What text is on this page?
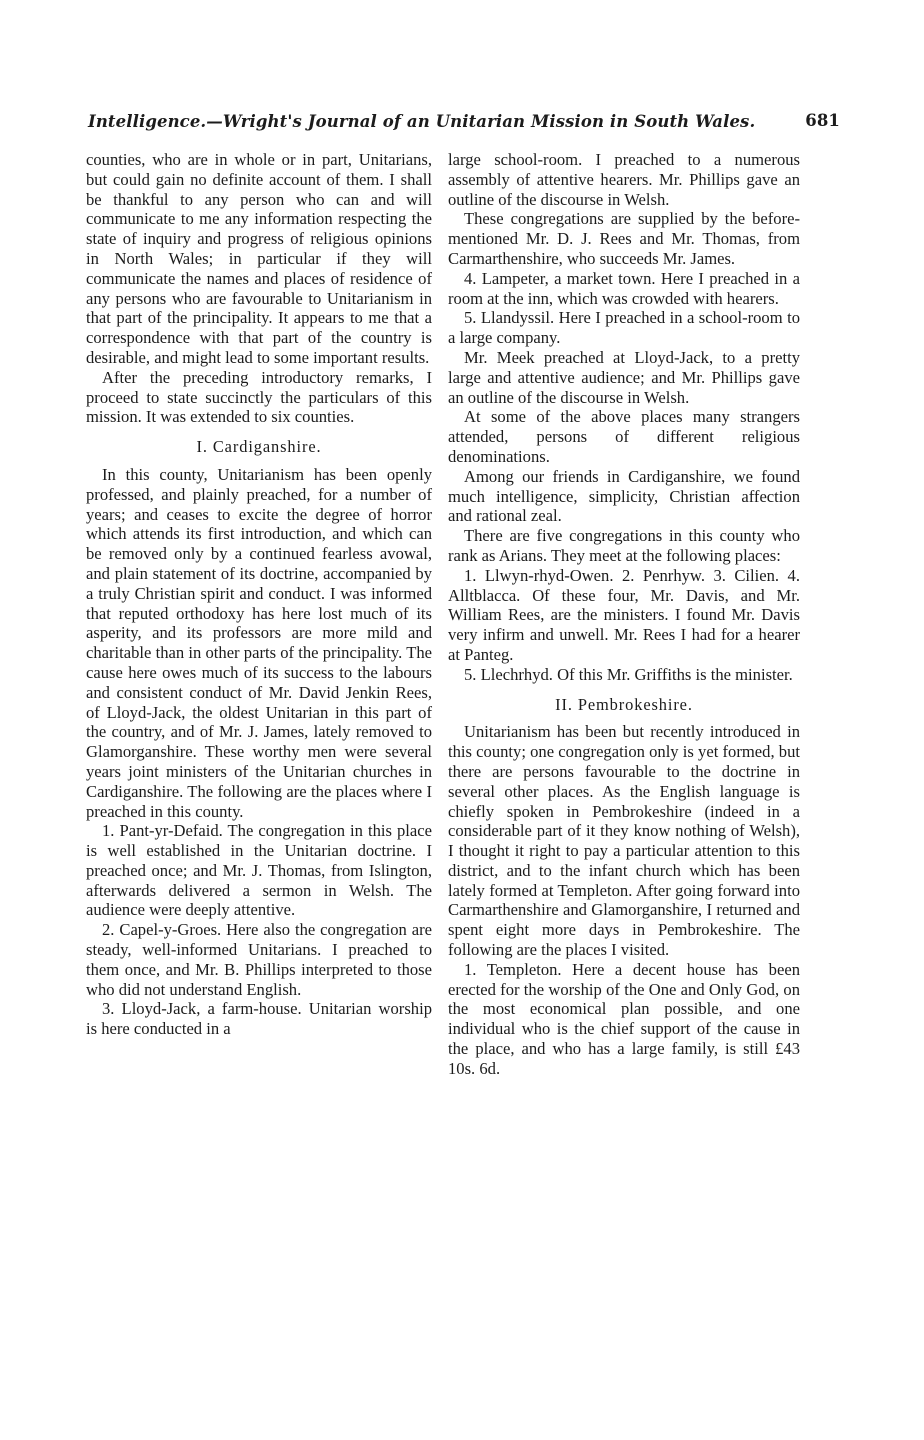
Intelligence.—Wright's Journal of an Unitarian Mission in South Wales.	681

counties, who are in whole or in part, Unitarians, but could gain no definite account of them. I shall be thankful to any person who can and will communicate to me any information respecting the state of inquiry and progress of religious opinions in North Wales; in particular if they will communicate the names and places of residence of any persons who are favourable to Unitarianism in that part of the principality. It appears to me that a correspondence with that part of the country is desirable, and might lead to some important results.

After the preceding introductory remarks, I proceed to state succinctly the particulars of this mission. It was extended to six counties.

I. Cardiganshire.

In this county, Unitarianism has been openly professed, and plainly preached, for a number of years; and ceases to excite the degree of horror which attends its first introduction, and which can be removed only by a continued fearless avowal, and plain statement of its doctrine, accompanied by a truly Christian spirit and conduct. I was informed that reputed orthodoxy has here lost much of its asperity, and its professors are more mild and charitable than in other parts of the principality. The cause here owes much of its success to the labours and consistent conduct of Mr. David Jenkin Rees, of Lloyd-Jack, the oldest Unitarian in this part of the country, and of Mr. J. James, lately removed to Glamorganshire. These worthy men were several years joint ministers of the Unitarian churches in Cardiganshire. The following are the places where I preached in this county.

1. Pant-yr-Defaid. The congregation in this place is well established in the Unitarian doctrine. I preached once; and Mr. J. Thomas, from Islington, afterwards delivered a sermon in Welsh. The audience were deeply attentive.

2. Capel-y-Groes. Here also the congregation are steady, well-informed Unitarians. I preached to them once, and Mr. B. Phillips interpreted to those who did not understand English.

3. Lloyd-Jack, a farm-house. Unitarian worship is here conducted in a

large school-room. I preached to a numerous assembly of attentive hearers. Mr. Phillips gave an outline of the discourse in Welsh.

These congregations are supplied by the before-mentioned Mr. D. J. Rees and Mr. Thomas, from Carmarthenshire, who succeeds Mr. James.

4. Lampeter, a market town. Here I preached in a room at the inn, which was crowded with hearers.

5. Llandyssil. Here I preached in a school-room to a large company.

Mr. Meek preached at Lloyd-Jack, to a pretty large and attentive audience; and Mr. Phillips gave an outline of the discourse in Welsh.

At some of the above places many strangers attended, persons of different religious denominations.

Among our friends in Cardiganshire, we found much intelligence, simplicity, Christian affection and rational zeal.

There are five congregations in this county who rank as Arians. They meet at the following places:

1. Llwyn-rhyd-Owen. 2. Penrhyw. 3. Cilien. 4. Alltblacca. Of these four, Mr. Davis, and Mr. William Rees, are the ministers. I found Mr. Davis very infirm and unwell. Mr. Rees I had for a hearer at Panteg.

5. Llechrhyd. Of this Mr. Griffiths is the minister.

II. Pembrokeshire.

Unitarianism has been but recently introduced in this county; one congregation only is yet formed, but there are persons favourable to the doctrine in several other places. As the English language is chiefly spoken in Pembrokeshire (indeed in a considerable part of it they know nothing of Welsh), I thought it right to pay a particular attention to this district, and to the infant church which has been lately formed at Templeton. After going forward into Carmarthenshire and Glamorganshire, I returned and spent eight more days in Pembrokeshire. The following are the places I visited.

1. Templeton. Here a decent house has been erected for the worship of the One and Only God, on the most economical plan possible, and one individual who is the chief support of the cause in the place, and who has a large family, is still £43 10s. 6d.
